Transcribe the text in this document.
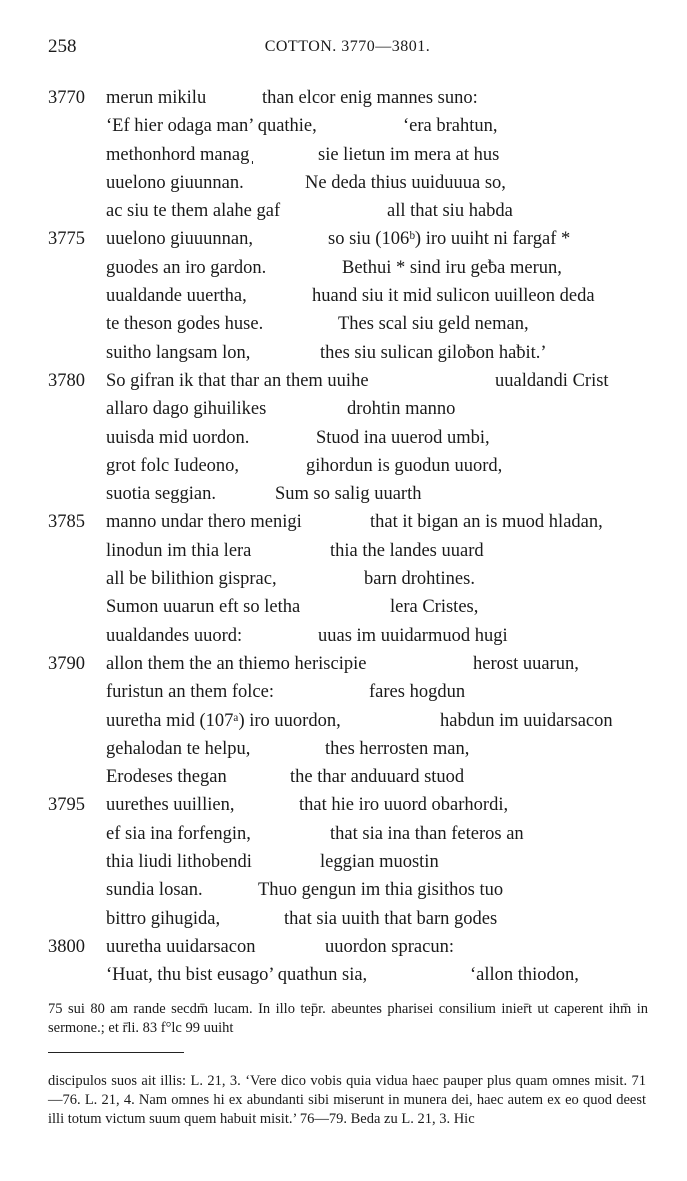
258	COTTON. 3770—3801.
3770 merun mikilu	than elcor enig mannes suno:
‘Ef hier odaga man’ quathie,	‘era brahtun,
methonhord managˌ	sie lietun im mera at hus
uuelono giuunnan.	Ne deda thius uuiduuua so,
ac siu te them alahe gaf	all that siu habda
3775 uuelono giuuunnan,	so siu (106ᵇ) iro uuiht ni fargaf *
guodes an iro gardon.	Bethui * sind iru geƀa merun,
uualdande uuertha,	huand siu it mid sulicon uuilleon deda
te theson godes huse.	Thes scal siu geld neman,
suitho langsam lon,	thes siu sulican giloƀon haƀit.’
3780 So gifran ik that thar an them uuihe	uualdandi Crist
allaro dago gihuilikes	drohtin manno
uuisda mid uordon.	Stuod ina uuerod umbi,
grot folc Iudeono,	gihordun is guodun uuord,
suotia seggian.	Sum so salig uuarth
3785 manno undar thero menigi	that it bigan an is muod hladan,
linodun im thia lera	thia the landes uuard
all be bilithion gisprac,	barn drohtines.
Sumon uuarun eft so letha	lera Cristes,
uualdandes uuord:	uuas im uuidarmuod hugi
3790 allon them the an thiemo heriscipie	herost uuarun,
furistun an them folce:	fares hogdun
uuretha mid (107ᵃ) iro uuordon,	habdun im uuidarsacon
gehalodan te helpu,	thes herrosten man,
Erodeses thegan	the thar anduuard stuod
3795 uurethes uuillien,	that hie iro uuord obarhordi,
ef sia ina forfengin,	that sia ina than feteros an
thia liudi lithobendi	leggian muostin
sundia losan.	Thuo gengun im thia gisithos tuo
bittro gihugida,	that sia uuith that barn godes
3800 uuretha uuidarsacon	uuordon spracun:
‘Huat, thu bist eusago’ quathun sia,	‘allon thiodon,
75 sui 80 am rande secdm̄ lucam. In illo tep̄r. abeuntes pharisei consilium inier̄t ut caperent ihm̄ in sermone.; et r̄li. 83 f°lc 99 uuiht
discipulos suos ait illis: L. 21, 3. ‘Vere dico vobis quia vidua haec pauper plus quam omnes misit. 71—76. L. 21, 4. Nam omnes hi ex abundanti sibi miserunt in munera dei, haec autem ex eo quod deest illi totum victum suum quem habuit misit.’ 76—79. Beda zu L. 21, 3. Hic
